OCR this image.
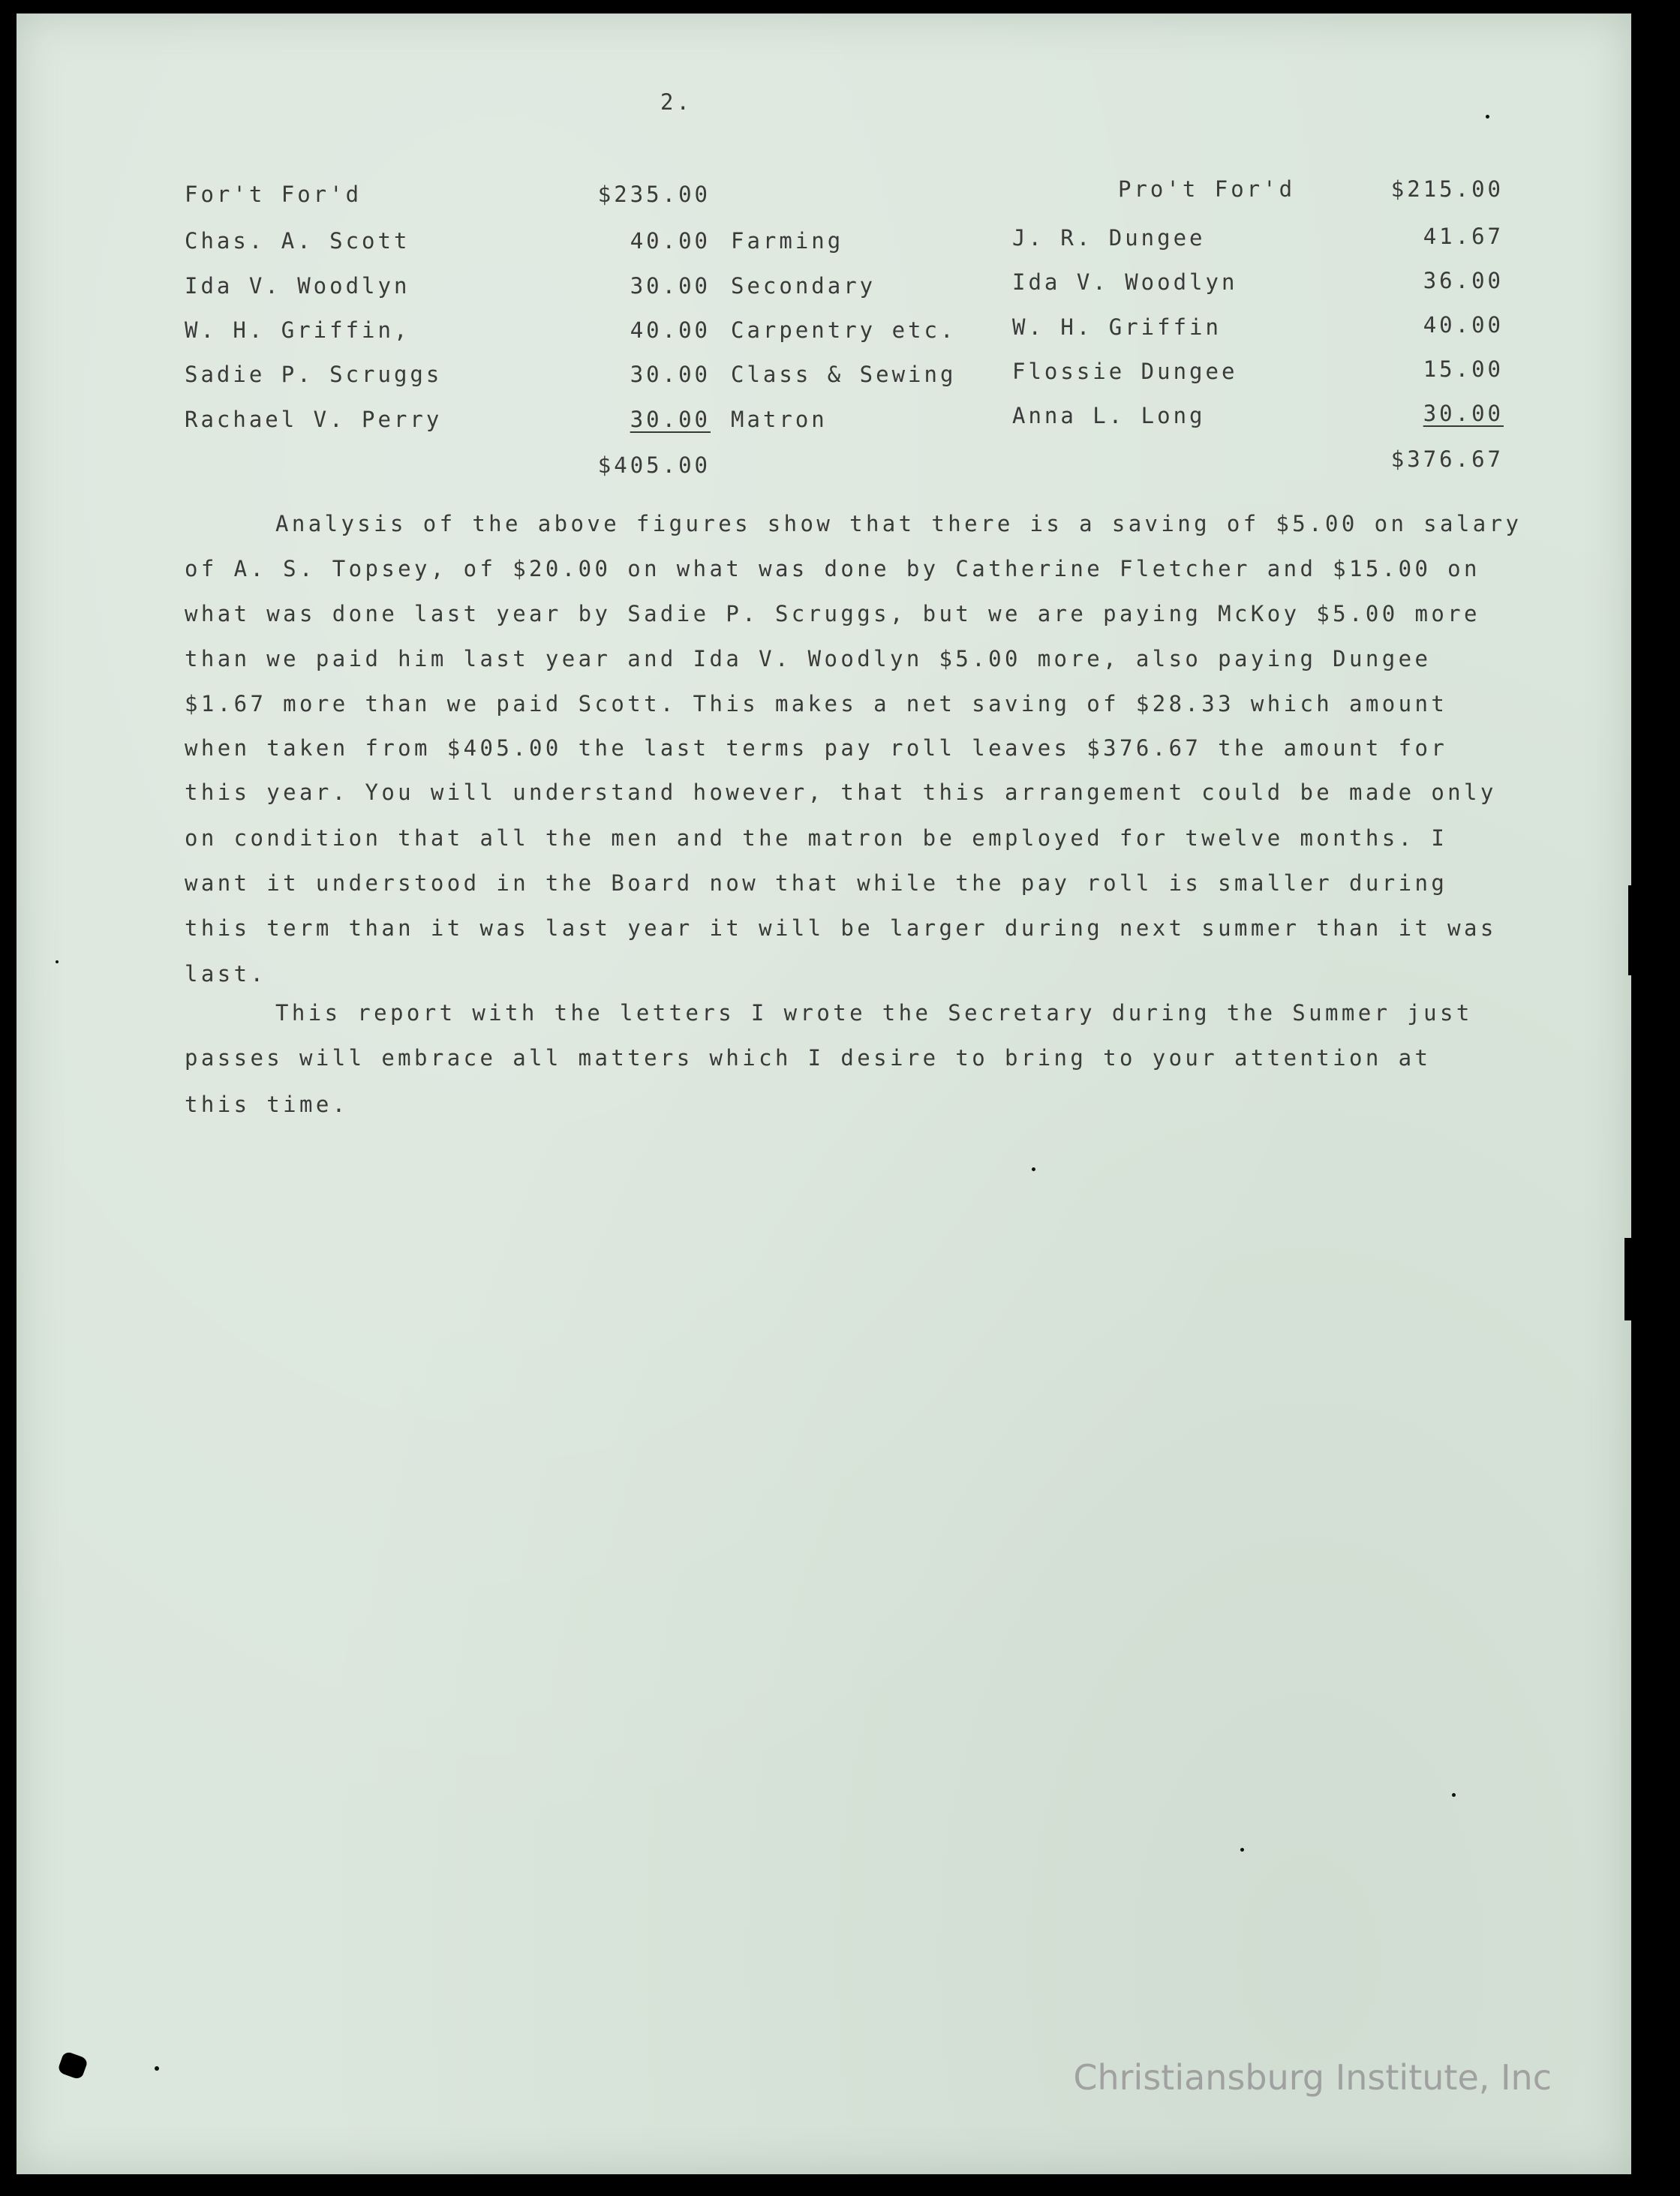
2.
For't For'd	$235.00
Chas. A. Scott	40.00 Farming
Ida V. Woodlyn	30.00 Secondary
W. H. Griffin,	40.00 Carpentry etc.
Sadie P. Scruggs	30.00 Class & Sewing
Rachael V. Perry	30.00 Matron
$405.00
Pro't For'd	$215.00
J. R. Dungee	41.67
Ida V. Woodlyn	36.00
W. H. Griffin	40.00
Flossie Dungee	15.00
Anna L. Long	30.00
$376.67
Analysis of the above figures show that there is a saving of $5.00 on salary
of A. S. Topsey, of $20.00 on what was done by Catherine Fletcher and $15.00 on
what was done last year by Sadie P. Scruggs, but we are paying McKoy $5.00 more
than we paid him last year and Ida V. Woodlyn $5.00 more, also paying Dungee
$1.67 more than we paid Scott. This makes a net saving of $28.33 which amount
when taken from $405.00 the last terms pay roll leaves $376.67 the amount for
this year. You will understand however, that this arrangement could be made only
on condition that all the men and the matron be employed for twelve months. I
want it understood in the Board now that while the pay roll is smaller during
this term than it was last year it will be larger during next summer than it was
last.
This report with the letters I wrote the Secretary during the Summer just
passes will embrace all matters which I desire to bring to your attention at
this time.
Christiansburg Institute, Inc
